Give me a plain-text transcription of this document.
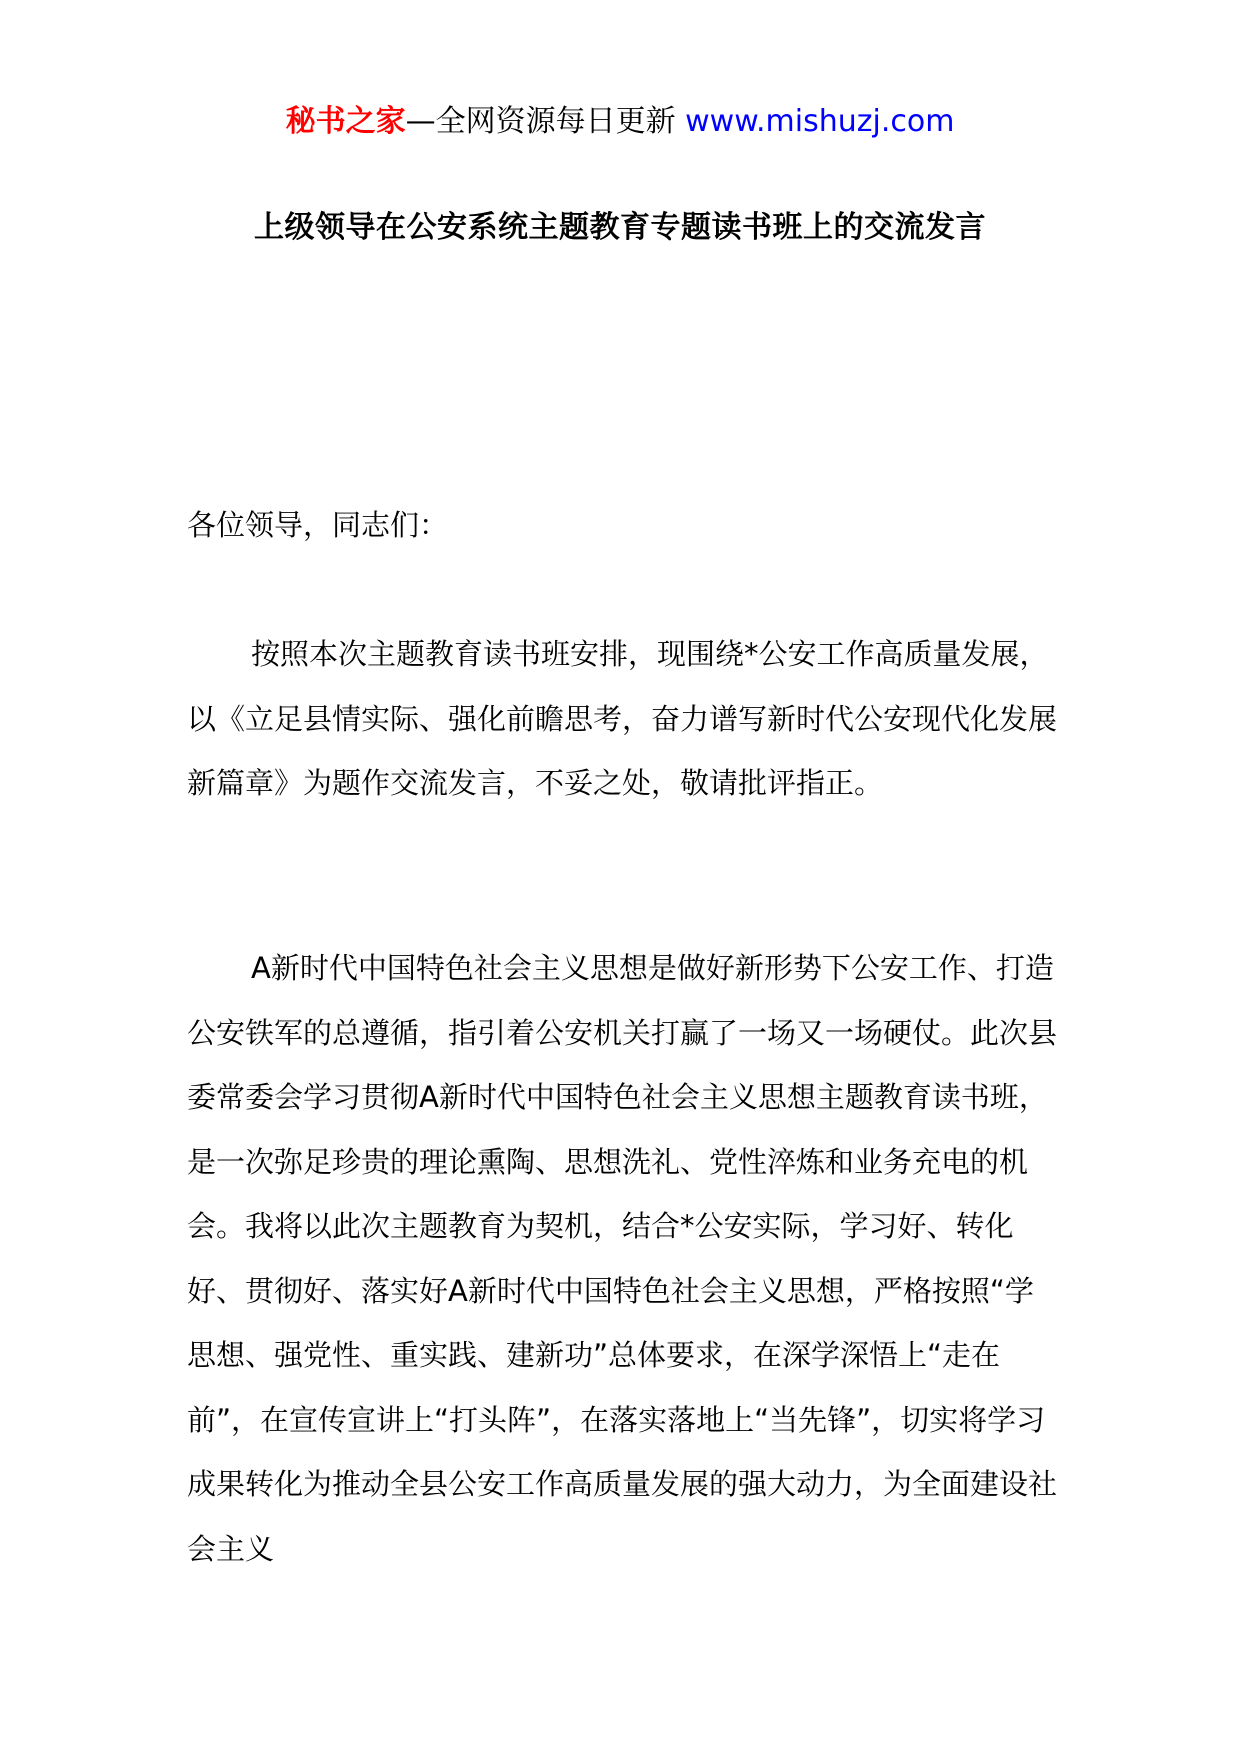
秘书之家—全网资源每日更新 www.mishuzj.com
上级领导在公安系统主题教育专题读书班上的交流发言

各位领导，同志们：

按照本次主题教育读书班安排，现围绕*公安工作高质量发展，以《立足县情实际、强化前瞻思考，奋力谱写新时代公安现代化发展新篇章》为题作交流发言，不妥之处，敬请批评指正。

A新时代中国特色社会主义思想是做好新形势下公安工作、打造公安铁军的总遵循，指引着公安机关打赢了一场又一场硬仗。此次县委常委会学习贯彻A新时代中国特色社会主义思想主题教育读书班，是一次弥足珍贵的理论熏陶、思想洗礼、党性淬炼和业务充电的机会。我将以此次主题教育为契机，结合*公安实际，学习好、转化好、贯彻好、落实好A新时代中国特色社会主义思想，严格按照“学思想、强党性、重实践、建新功”总体要求，在深学深悟上“走在前”，在宣传宣讲上“打头阵”，在落实落地上“当先锋”，切实将学习成果转化为推动全县公安工作高质量发展的强大动力，为全面建设社会主义
